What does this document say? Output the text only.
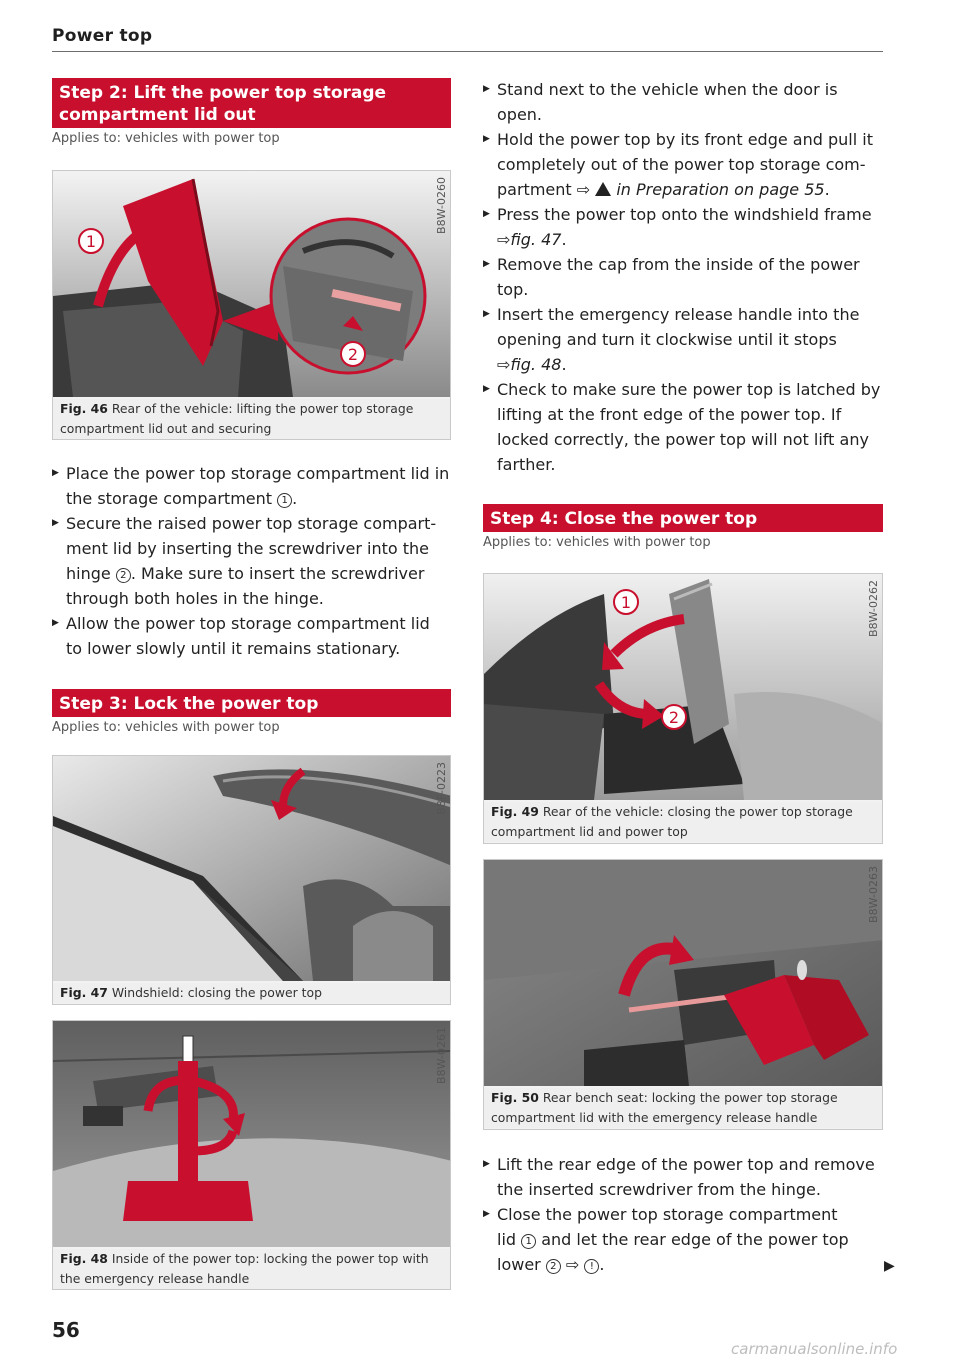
Power top
Step 2: Lift the power top storage
compartment lid out
Applies to: vehicles with power top
1
2
B8W-0260
Fig. 46 Rear of the vehicle: lifting the power top storage
compartment lid out and securing
▶ Place the power top storage compartment lid in
the storage compartment 1 .
▶ Secure the raised power top storage compart-
ment lid by inserting the screwdriver into the
hinge 2 . Make sure to insert the screwdriver
through both holes in the hinge.
▶ Allow the power top storage compartment lid
to lower slowly until it remains stationary.
Step 3: Lock the power top
Applies to: vehicles with power top
B8F-0223
Fig. 47 Windshield: closing the power top
B8W-0261
Fig. 48 Inside of the power top: locking the power top with
the emergency release handle
▶ Stand next to the vehicle when the door is
open.
▶ Hold the power top by its front edge and pull it
completely out of the power top storage com-
partment ⇨  in Preparation on page 55.
▶ Press the power top onto the windshield frame
⇨fig. 47.
▶ Remove the cap from the inside of the power
top.
▶ Insert the emergency release handle into the
opening and turn it clockwise until it stops
⇨fig. 48.
▶ Check to make sure the power top is latched by
lifting at the front edge of the power top. If
locked correctly, the power top will not lift any
farther.
Step 4: Close the power top
Applies to: vehicles with power top
1
2
B8W-0262
Fig. 49 Rear of the vehicle: closing the power top storage
compartment lid and power top
B8W-0263
Fig. 50 Rear bench seat: locking the power top storage
compartment lid with the emergency release handle
▶ Lift the rear edge of the power top and remove
the inserted screwdriver from the hinge.
▶ Close the power top storage compartment
lid 1 and let the rear edge of the power top
lower 2 ⇨ ! .	▶
56
carmanualsonline.info
